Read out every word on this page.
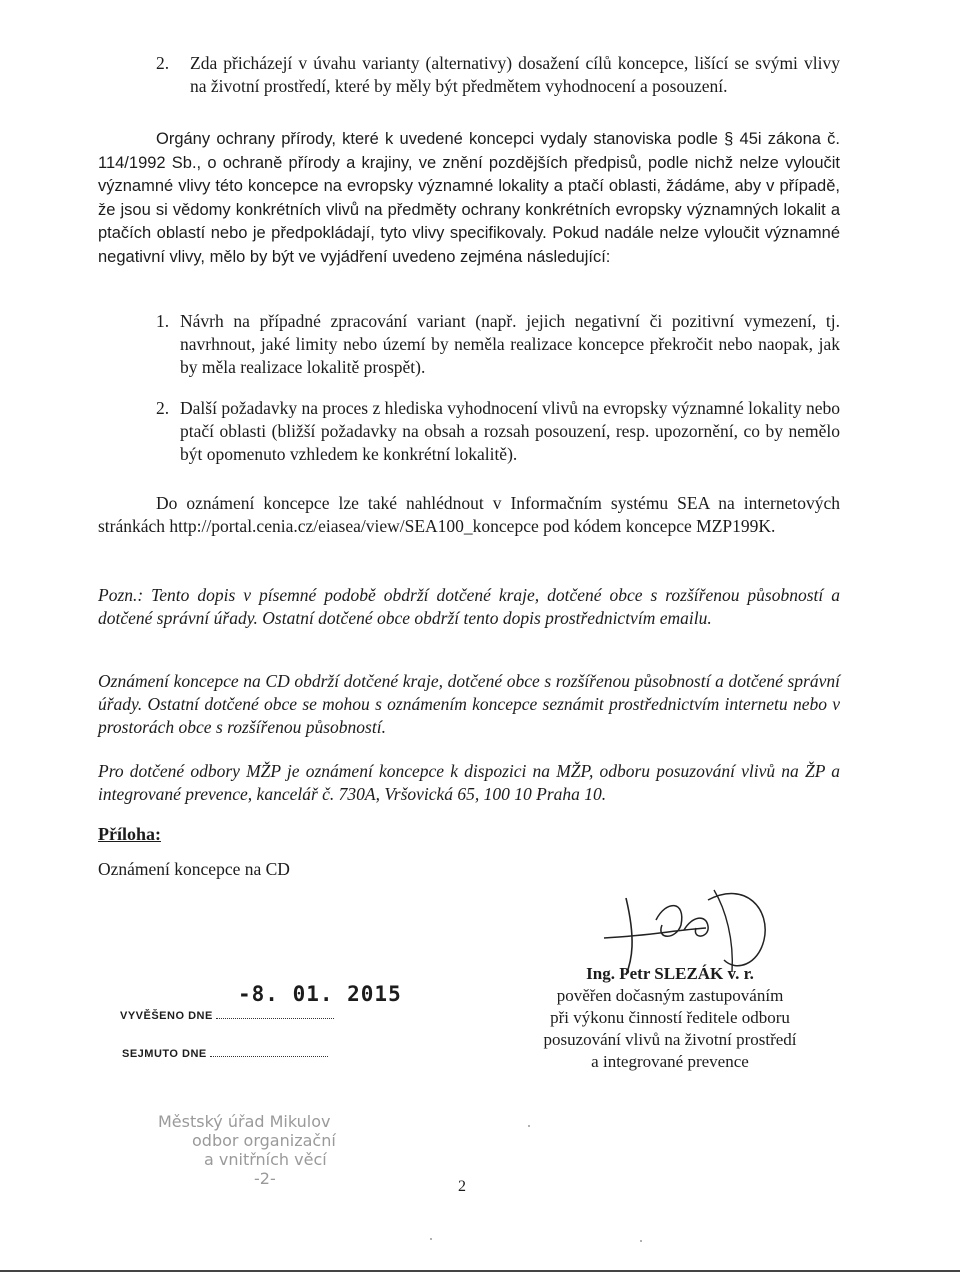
2. Zda přicházejí v úvahu varianty (alternativy) dosažení cílů koncepce, lišící se svými vlivy na životní prostředí, které by měly být předmětem vyhodnocení a posouzení.

Orgány ochrany přírody, které k uvedené koncepci vydaly stanoviska podle § 45i zákona č. 114/1992 Sb., o ochraně přírody a krajiny, ve znění pozdějších předpisů, podle nichž nelze vyloučit významné vlivy této koncepce na evropsky významné lokality a ptačí oblasti, žádáme, aby v případě, že jsou si vědomy konkrétních vlivů na předměty ochrany konkrétních evropsky významných lokalit a ptačích oblastí nebo je předpokládají, tyto vlivy specifikovaly. Pokud nadále nelze vyloučit významné negativní vlivy, mělo by být ve vyjádření uvedeno zejména následující:

1. Návrh na případné zpracování variant (např. jejich negativní či pozitivní vymezení, tj. navrhnout, jaké limity nebo území by neměla realizace koncepce překročit nebo naopak, jak by měla realizace lokalitě prospět).

2. Další požadavky na proces z hlediska vyhodnocení vlivů na evropsky významné lokality nebo ptačí oblasti (bližší požadavky na obsah a rozsah posouzení, resp. upozornění, co by nemělo být opomenuto vzhledem ke konkrétní lokalitě).

Do oznámení koncepce lze také nahlédnout v Informačním systému SEA na internetových stránkách http://portal.cenia.cz/eiasea/view/SEA100_koncepce pod kódem koncepce MZP199K.

Pozn.: Tento dopis v písemné podobě obdrží dotčené kraje, dotčené obce s rozšířenou působností a dotčené správní úřady. Ostatní dotčené obce obdrží tento dopis prostřednictvím emailu.

Oznámení koncepce na CD obdrží dotčené kraje, dotčené obce s rozšířenou působností a dotčené správní úřady. Ostatní dotčené obce se mohou s oznámením koncepce seznámit prostřednictvím internetu nebo v prostorách obce s rozšířenou působností.

Pro dotčené odbory MŽP je oznámení koncepce k dispozici na MŽP, odboru posuzování vlivů na ŽP a integrované prevence, kancelář č. 730A, Vršovická 65, 100 10 Praha 10.

Příloha:

Oznámení koncepce na CD

Ing. Petr SLEZÁK v. r.
pověřen dočasným zastupováním
při výkonu činností ředitele odboru
posuzování vlivů na životní prostředí
a integrované prevence
-8. 01. 2015
VYVĚŠENO DNE
SEJMUTO DNE
Městský úřad Mikulov
odbor organizační
a vnitřních věcí
-2-	2
